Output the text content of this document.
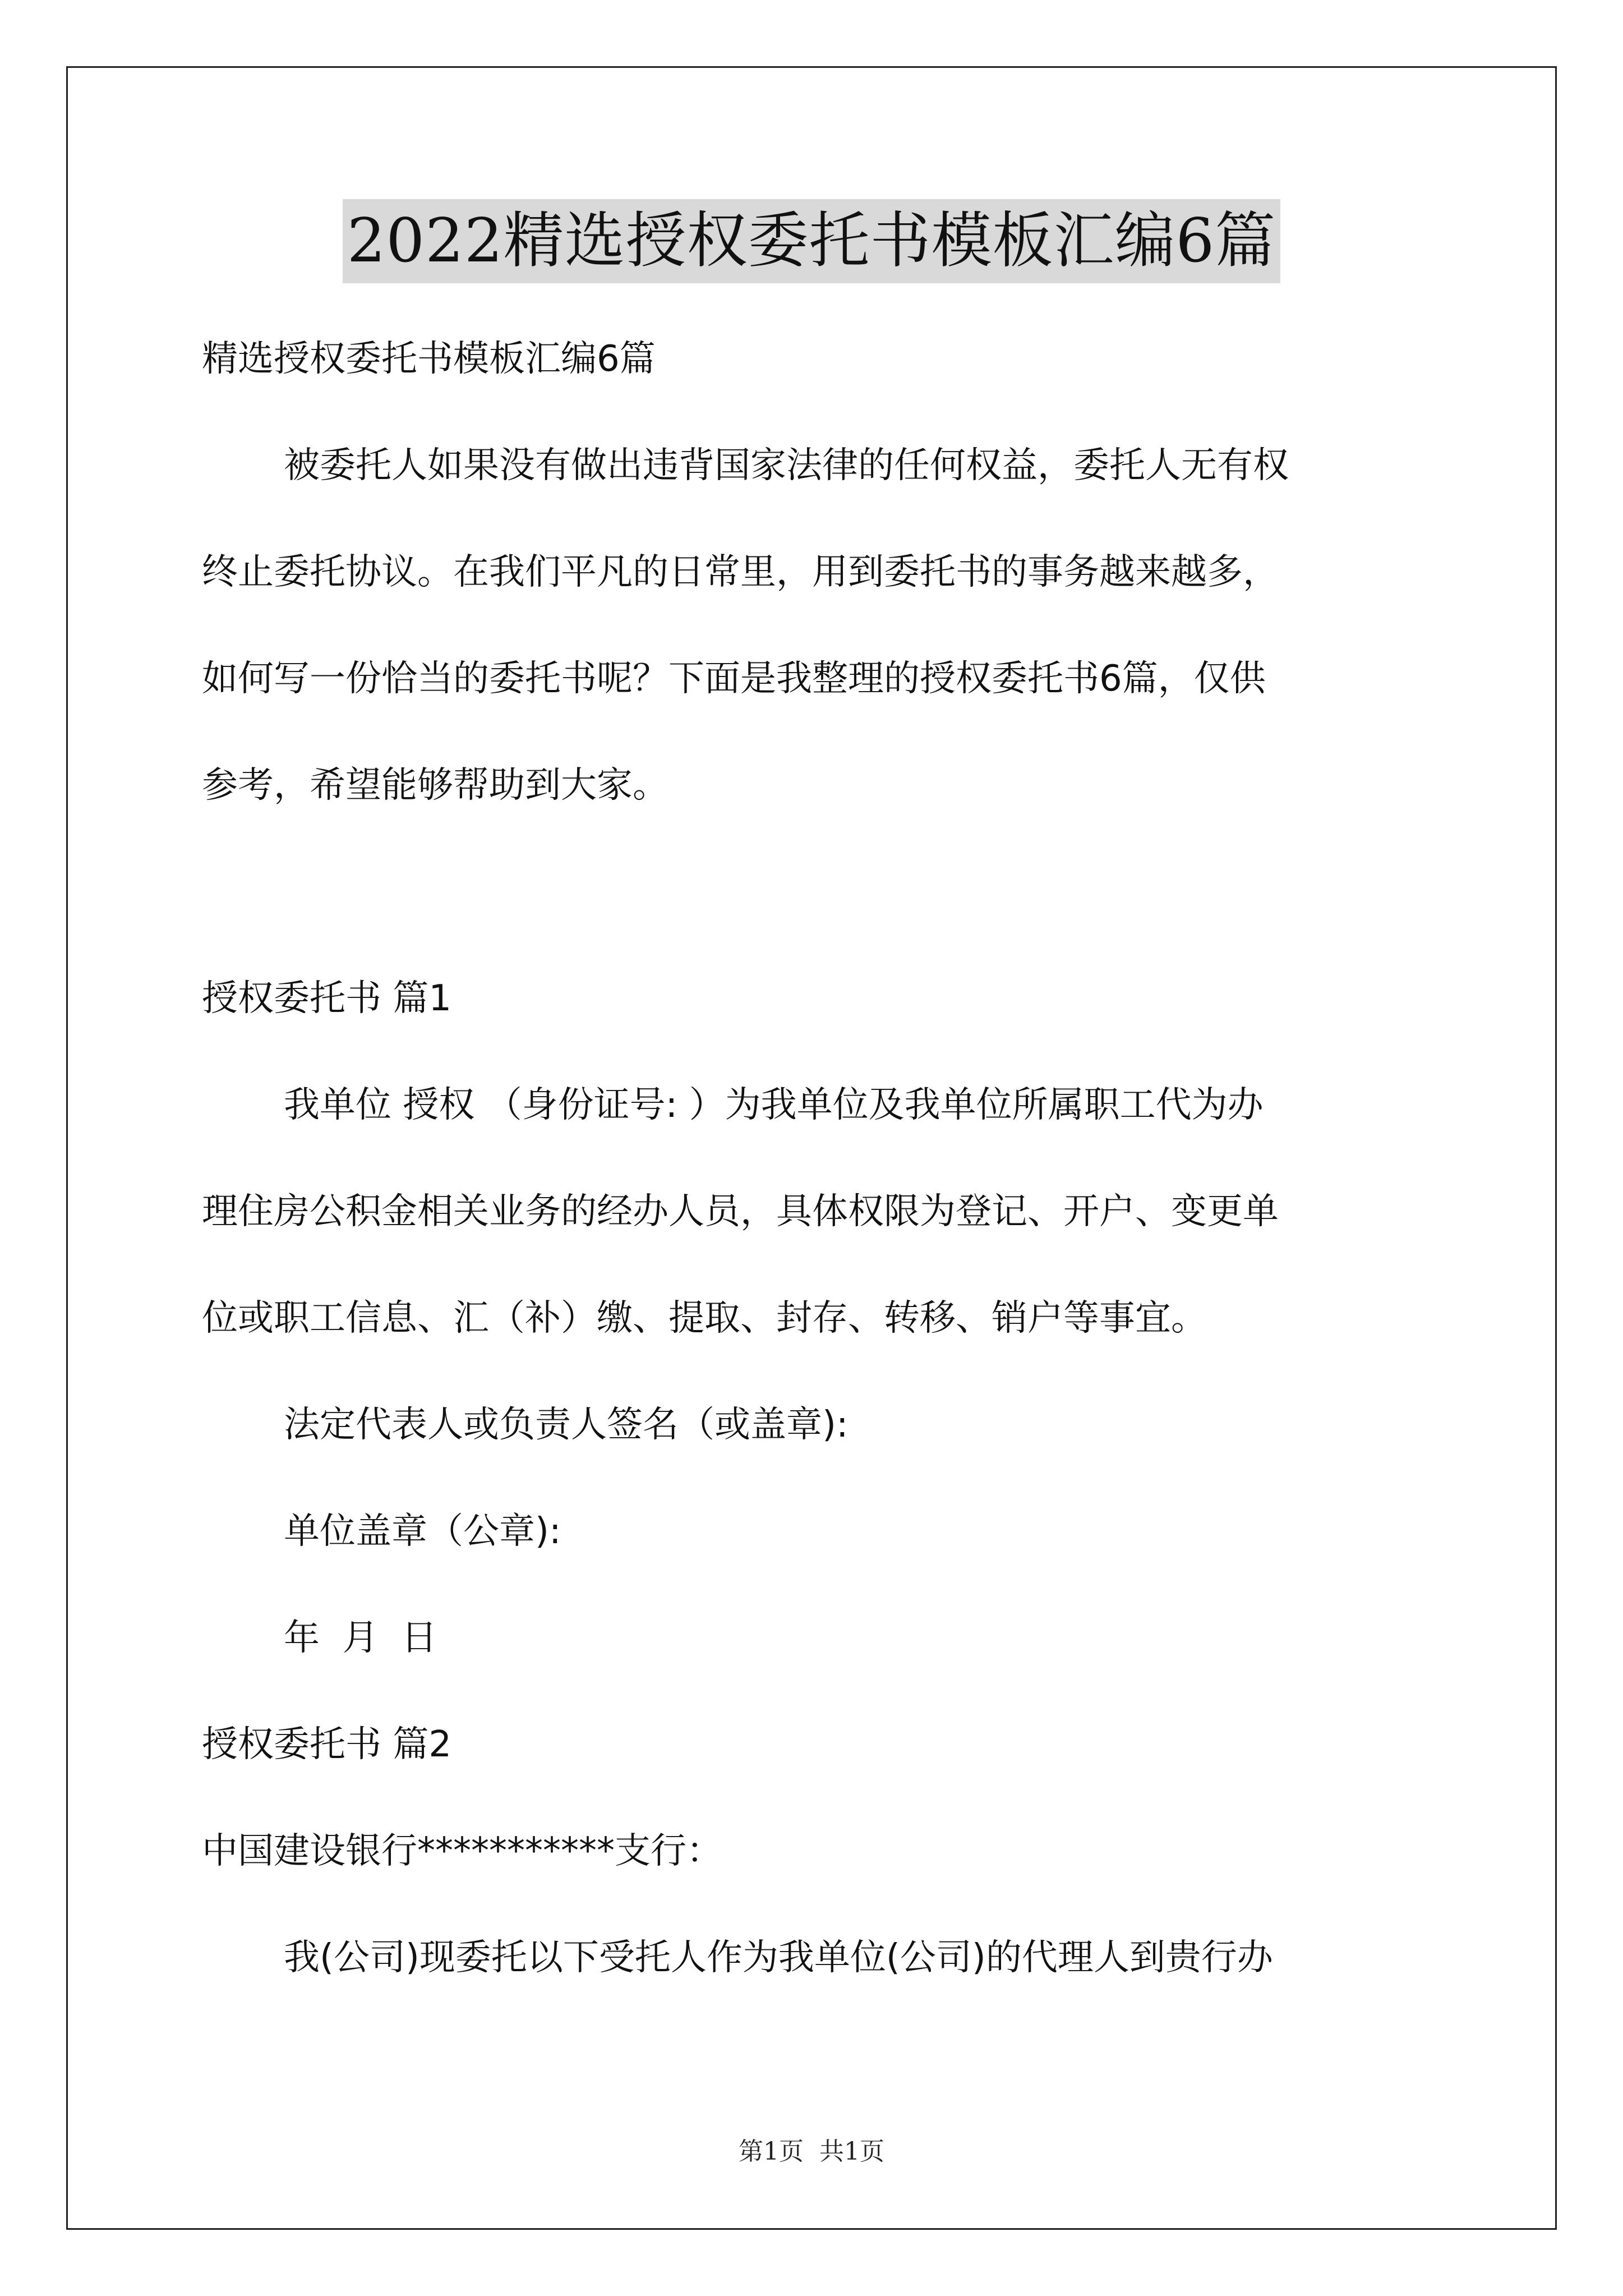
2022精选授权委托书模板汇编6篇
精选授权委托书模板汇编6篇
被委托人如果没有做出违背国家法律的任何权益，委托人无有权
终止委托协议。在我们平凡的日常里，用到委托书的事务越来越多，
如何写一份恰当的委托书呢？下面是我整理的授权委托书6篇，仅供
参考，希望能够帮助到大家。
授权委托书 篇1
我单位 授权 （身份证号: ）为我单位及我单位所属职工代为办
理住房公积金相关业务的经办人员，具体权限为登记、开户、变更单
位或职工信息、汇（补）缴、提取、封存、转移、销户等事宜。
法定代表人或负责人签名（或盖章):
单位盖章（公章):
年  月  日
授权委托书 篇2
中国建设银行***********支行：
我(公司)现委托以下受托人作为我单位(公司)的代理人到贵行办
第1页  共1页
